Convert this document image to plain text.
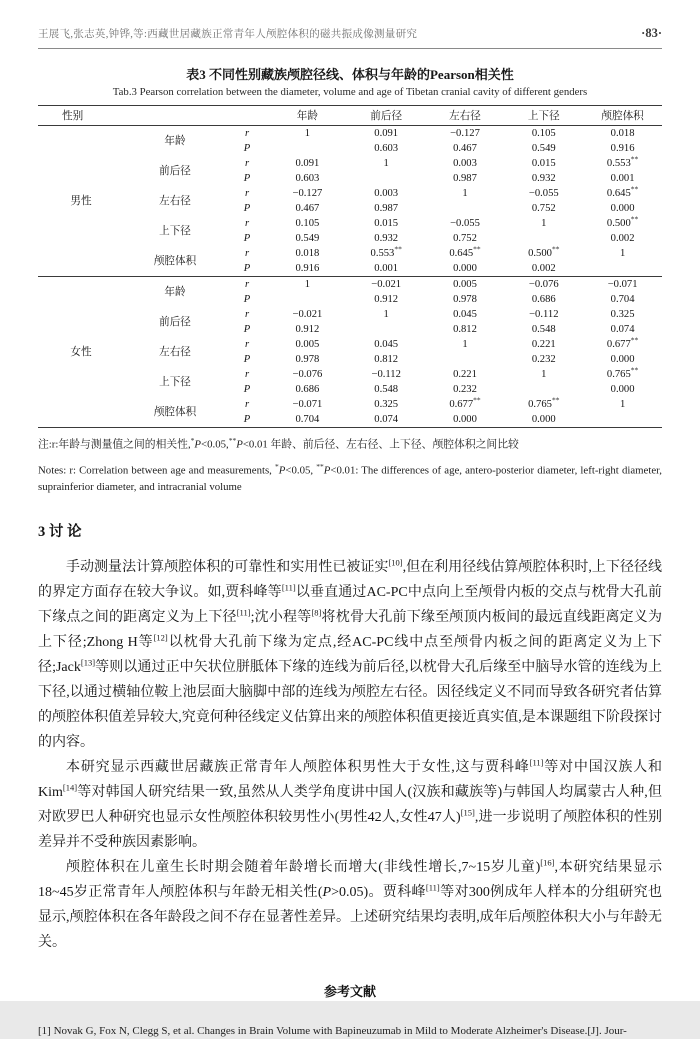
王展飞,张志英,钟铧,等:西藏世居藏族正常青年人颅腔体积的磁共振成像测量研究	·83·
表3 不同性别藏族颅腔径线、体积与年龄的Pearson相关性
Tab.3 Pearson correlation between the diameter, volume and age of Tibetan cranial cavity of different genders
性别			年龄	前后径	左右径	上下径	颅腔体积
男性	年龄	r	1	0.091	−0.127	0.105	0.018
		P		0.603	0.467	0.549	0.916
	前后径	r	0.091	1	0.003	0.015	0.553**
		P	0.603		0.987	0.932	0.001
	左右径	r	−0.127	0.003	1	−0.055	0.645**
		P	0.467	0.987		0.752	0.000
	上下径	r	0.105	0.015	−0.055	1	0.500**
		P	0.549	0.932	0.752		0.002
	颅腔体积	r	0.018	0.553**	0.645**	0.500**	1
		P	0.916	0.001	0.000	0.002	
女性	年龄	r	1	−0.021	0.005	−0.076	−0.071
		P		0.912	0.978	0.686	0.704
	前后径	r	−0.021	1	0.045	−0.112	0.325
		P	0.912		0.812	0.548	0.074
	左右径	r	0.005	0.045	1	0.221	0.677**
		P	0.978	0.812		0.232	0.000
	上下径	r	−0.076	−0.112	0.221	1	0.765**
		P	0.686	0.548	0.232		0.000
	颅腔体积	r	−0.071	0.325	0.677**	0.765**	1
		P	0.704	0.074	0.000	0.000	
注:r:年龄与测量值之间的相关性,*P<0.05,**P<0.01 年龄、前后径、左右径、上下径、颅腔体积之间比较
Notes: r: Correlation between age and measurements, *P<0.05, **P<0.01: The differences of age, antero-posterior diameter, left-right diameter, suprainferior diameter, and intracranial volume
3 讨 论

手动测量法计算颅腔体积的可靠性和实用性已被证实[10],但在利用径线估算颅腔体积时,上下径径线的界定方面存在较大争议。如,贾科峰等[11]以垂直通过AC-PC中点向上至颅骨内板的交点与枕骨大孔前下缘点之间的距离定义为上下径[11];沈小程等[8]将枕骨大孔前下缘至颅顶内板间的最远直线距离定义为上下径;Zhong H等[12]以枕骨大孔前下缘为定点,经AC-PC线中点至颅骨内板之间的距离定义为上下径;Jack[13]等则以通过正中矢状位胼胝体下缘的连线为前后径,以枕骨大孔后缘至中脑导水管的连线为上下径,以通过横轴位鞍上池层面大脑脚中部的连线为颅腔左右径。因径线定义不同而导致各研究者估算的颅腔体积值差异较大,究竟何种径线定义估算出来的颅腔体积值更接近真实值,是本课题组下阶段探讨的内容。

本研究显示西藏世居藏族正常青年人颅腔体积男性大于女性,这与贾科峰[11]等对中国汉族人和Kim[14]等对韩国人研究结果一致,虽然从人类学角度讲中国人(汉族和藏族等)与韩国人均属蒙古人种,但对欧罗巴人种研究也显示女性颅腔体积较男性小(男性42人,女性47人)[15],进一步说明了颅腔体积的性别差异并不受种族因素影响。

颅腔体积在儿童生长时期会随着年龄增长而增大(非线性增长,7~15岁儿童)[16],本研究结果显示18~45岁正常青年人颅腔体积与年龄无相关性(P>0.05)。贾科峰[11]等对300例成年人样本的分组研究也显示,颅腔体积在各年龄段之间不存在显著性差异。上述研究结果均表明,成年后颅腔体积大小与年龄无关。

参考文献
[1] Novak G, Fox N, Clegg S, et al. Changes in Brain Volume with Bapineuzumab in Mild to Moderate Alzheimer's Disease.[J]. Jour-
